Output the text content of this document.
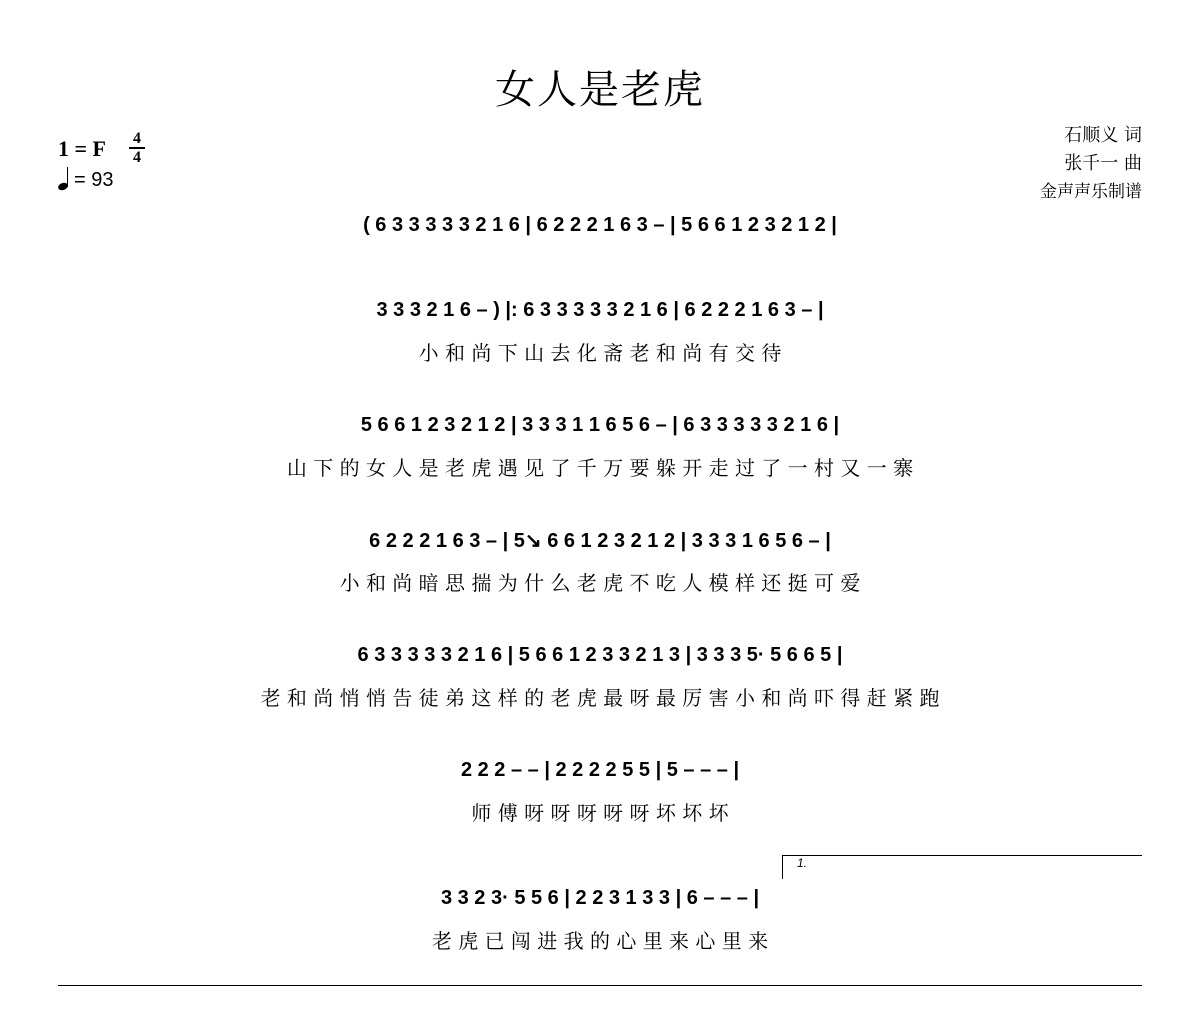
女人是老虎
石顺义 词
张千一 曲
金声声乐制谱
1 = F	4
4
= 93
( 6 3 3 3 3 3 2 1 6 | 6 2 2 2 1 6 3 – | 5 6 6 1 2 3 2 1 2 |
3 3 3 2 1 6 – ) |: 6 3 3 3 3 3 2 1 6 | 6 2 2 2 1 6 3 – |
小 和 尚 下 山 去 化 斋 老 和 尚 有 交 待
5 6 6 1 2 3 2 1 2 | 3 3 3 1 1 6 5 6 – | 6 3 3 3 3 3 2 1 6 |
山 下 的 女 人 是 老 虎 遇 见 了 千 万 要 躲 开 走 过 了 一 村 又 一 寨
6 2 2 2 1 6 3 – | 5↘ 6 6 1 2 3 2 1 2 | 3 3 3 1 6 5 6 – |
小 和 尚 暗 思 揣 为 什 么 老 虎 不 吃 人 模 样 还 挺 可 爱
6 3 3 3 3 3 2 1 6 | 5 6 6 1 2 3 3 2 1 3 | 3 3 3 5· 5 6 6 5 |
老 和 尚 悄 悄 告 徒 弟 这 样 的 老 虎 最 呀 最 厉 害 小 和 尚 吓 得 赶 紧 跑
2 2 2 – – | 2 2 2 2 5 5 | 5 – – – |
师 傅 呀 呀 呀 呀 呀 坏 坏 坏
1.
3 3 2 3· 5 5 6 | 2 2 3 1 3 3 | 6 – – – |
老 虎 已 闯 进 我 的 心 里 来 心 里 来
